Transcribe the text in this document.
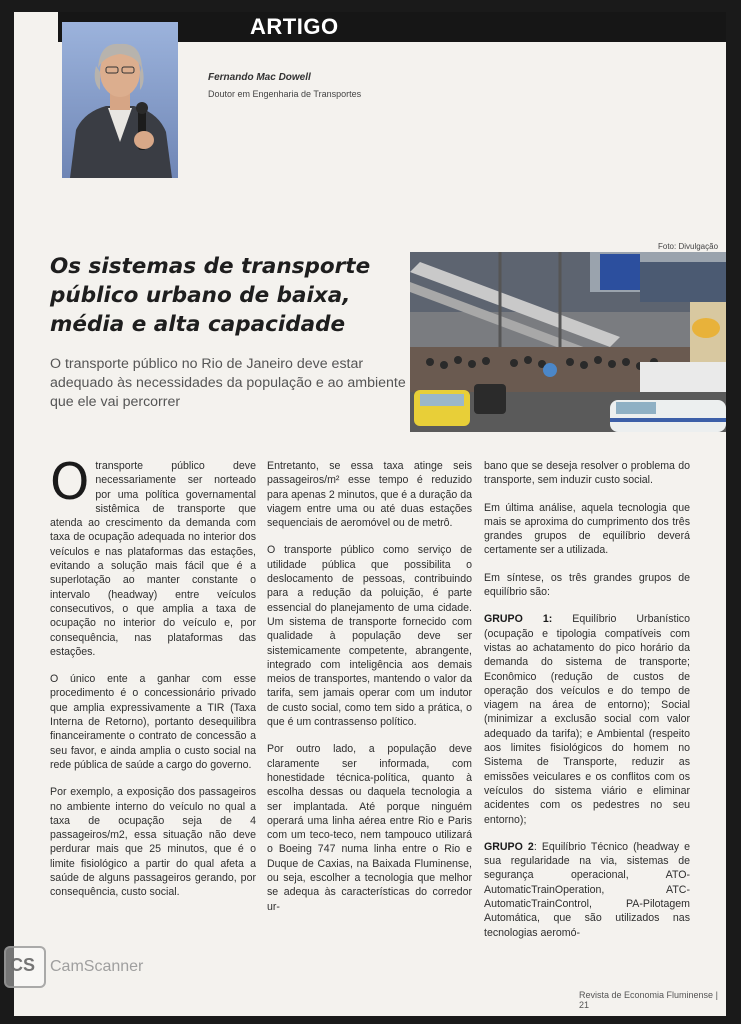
ARTIGO
Fernando Mac Dowell
Doutor em Engenharia de Transportes
Os sistemas de transporte público urbano de baixa, média e alta capacidade

O transporte público no Rio de Janeiro deve estar adequado às necessidades da população e ao ambiente que ele vai percorrer

Foto: Divulgação

Otransporte público deve necessariamente ser norteado por uma política governamental sistêmica de transporte que atenda ao crescimento da demanda com taxa de ocupação adequada no interior dos veículos e nas plataformas das estações, evitando a solução mais fácil que é a superlotação ao manter constante o intervalo (headway) entre veículos consecutivos, o que amplia a taxa de ocupação no interior do veículo e, por consequência, nas plataformas das estações.

O único ente a ganhar com esse procedimento é o concessionário privado que amplia expressivamente a TIR (Taxa Interna de Retorno), portanto desequilibra financeiramente o contrato de concessão a seu favor, e ainda amplia o custo social na rede pública de saúde a cargo do governo.

Por exemplo, a exposição dos passageiros no ambiente interno do veículo no qual a taxa de ocupação seja de 4 passageiros/m2, essa situação não deve perdurar mais que 25 minutos, que é o limite fisiológico a partir do qual afeta a saúde de alguns passageiros gerando, por consequência, custo social.

Entretanto, se essa taxa atinge seis passageiros/m² esse tempo é reduzido para apenas 2 minutos, que é a duração da viagem entre uma ou até duas estações sequenciais de aeromóvel ou de metrô.

O transporte público como serviço de utilidade pública que possibilita o deslocamento de pessoas, contribuindo para a redução da poluição, é parte essencial do planejamento de uma cidade. Um sistema de transporte fornecido com qualidade à população deve ser sistemicamente competente, abrangente, integrado com inteligência aos demais meios de transportes, mantendo o valor da tarifa, sem jamais operar com um indutor de custo social, como tem sido a prática, o que é um contrassenso político.

Por outro lado, a população deve claramente ser informada, com honestidade técnica-política, quanto à escolha dessas ou daquela tecnologia a ser implantada. Até porque ninguém operará uma linha aérea entre Rio e Paris com um teco-teco, nem tampouco utilizará o Boeing 747 numa linha entre o Rio e Duque de Caxias, na Baixada Fluminense, ou seja, escolher a tecnologia que melhor se adequa às características do corredor ur-

bano que se deseja resolver o problema do transporte, sem induzir custo social.

Em última análise, aquela tecnologia que mais se aproxima do cumprimento dos três grandes grupos de equilíbrio deverá certamente ser a utilizada.

Em síntese, os três grandes grupos de equilíbrio são:

GRUPO 1: Equilíbrio Urbanístico (ocupação e tipologia compatíveis com vistas ao achatamento do pico horário da demanda do sistema de transporte; Econômico (redução de custos de operação dos veículos e do tempo de viagem na área de entorno); Social (minimizar a exclusão social com valor adequado da tarifa); e Ambiental (respeito aos limites fisiológicos do homem no Sistema de Transporte, reduzir as emissões veiculares e os conflitos com os veículos do sistema viário e eliminar acidentes com os pedestres no seu entorno);

GRUPO 2: Equilíbrio Técnico (headway e sua regularidade na via, sistemas de segurança operacional, ATO-AutomaticTrainOperation, ATC-AutomaticTrainControl, PA-Pilotagem Automática, que são utilizados nas tecnologias aeromó-

Revista de Economia Fluminense | 21
CS CamScanner
